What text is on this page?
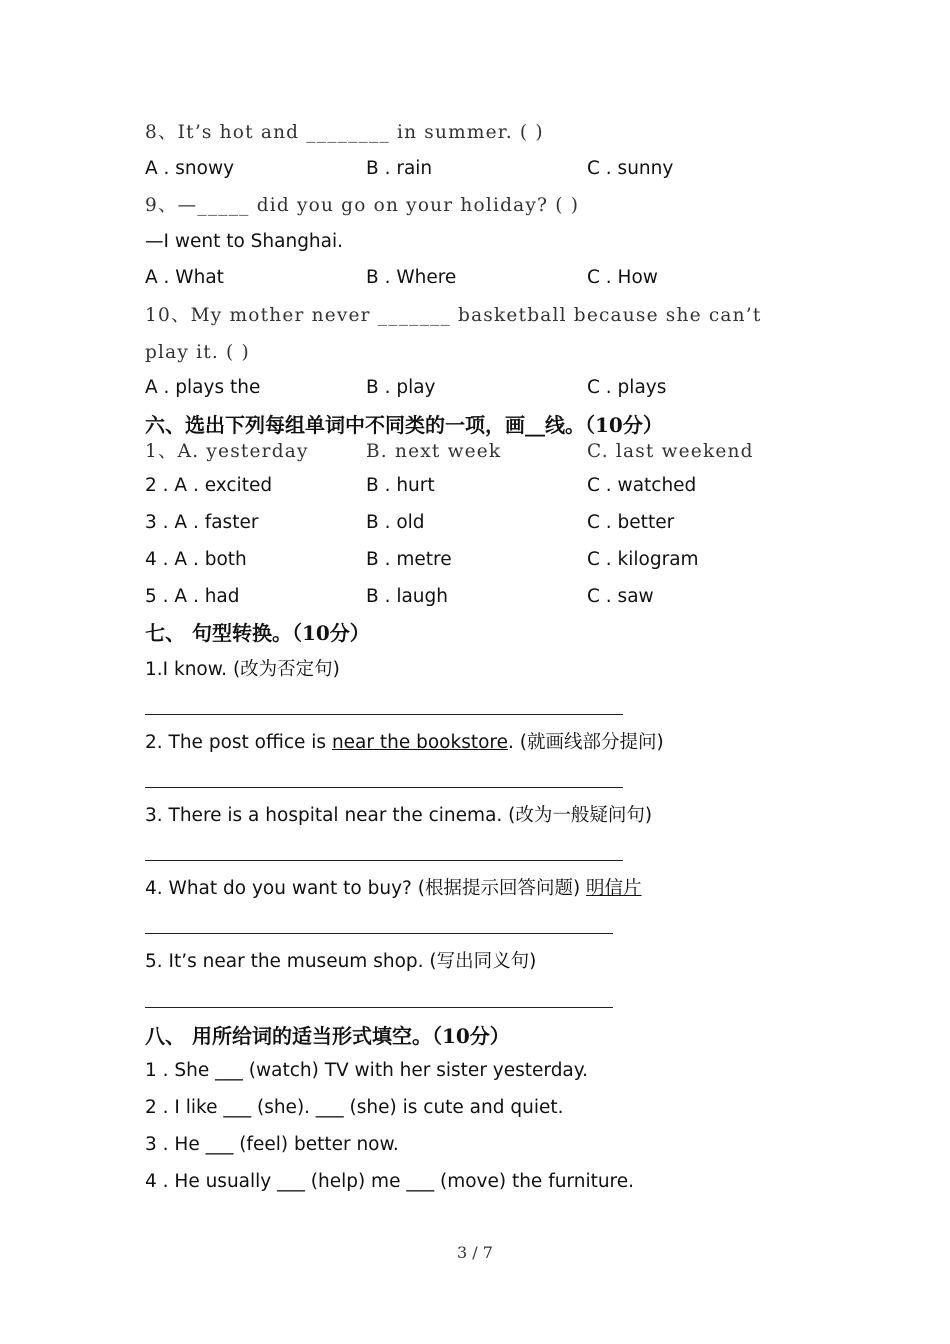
8、It’s hot and ________ in summer. ( )
A . snowy	B . rain	C . sunny
9、—_____ did you go on your holiday? ( )
—I went to Shanghai.
A . What	B . Where	C . How
10、My mother never _______ basketball because she can’t
play it. ( )
A . plays the	B . play	C . plays
六、选出下列每组单词中不同类的一项，画__线。（10分）
1、A. yesterday	B. next week	C. last weekend
2 . A . excited	B . hurt	C . watched
3 . A . faster	B . old	C . better
4 . A . both	B . metre	C . kilogram
5 . A . had	B . laugh	C . saw
七、 句型转换。（10分）
1.I know. (改为否定句)
2. The post office is near the bookstore. (就画线部分提问)
3. There is a hospital near the cinema. (改为一般疑问句)
4. What do you want to buy? (根据提示回答问题) 明信片
5. It’s near the museum shop. (写出同义句)
八、 用所给词的适当形式填空。（10分）
1 . She ___ (watch) TV with her sister yesterday.
2 . I like ___ (she). ___ (she) is cute and quiet.
3 . He ___ (feel) better now.
4 . He usually ___ (help) me ___ (move) the furniture.
3 / 7
